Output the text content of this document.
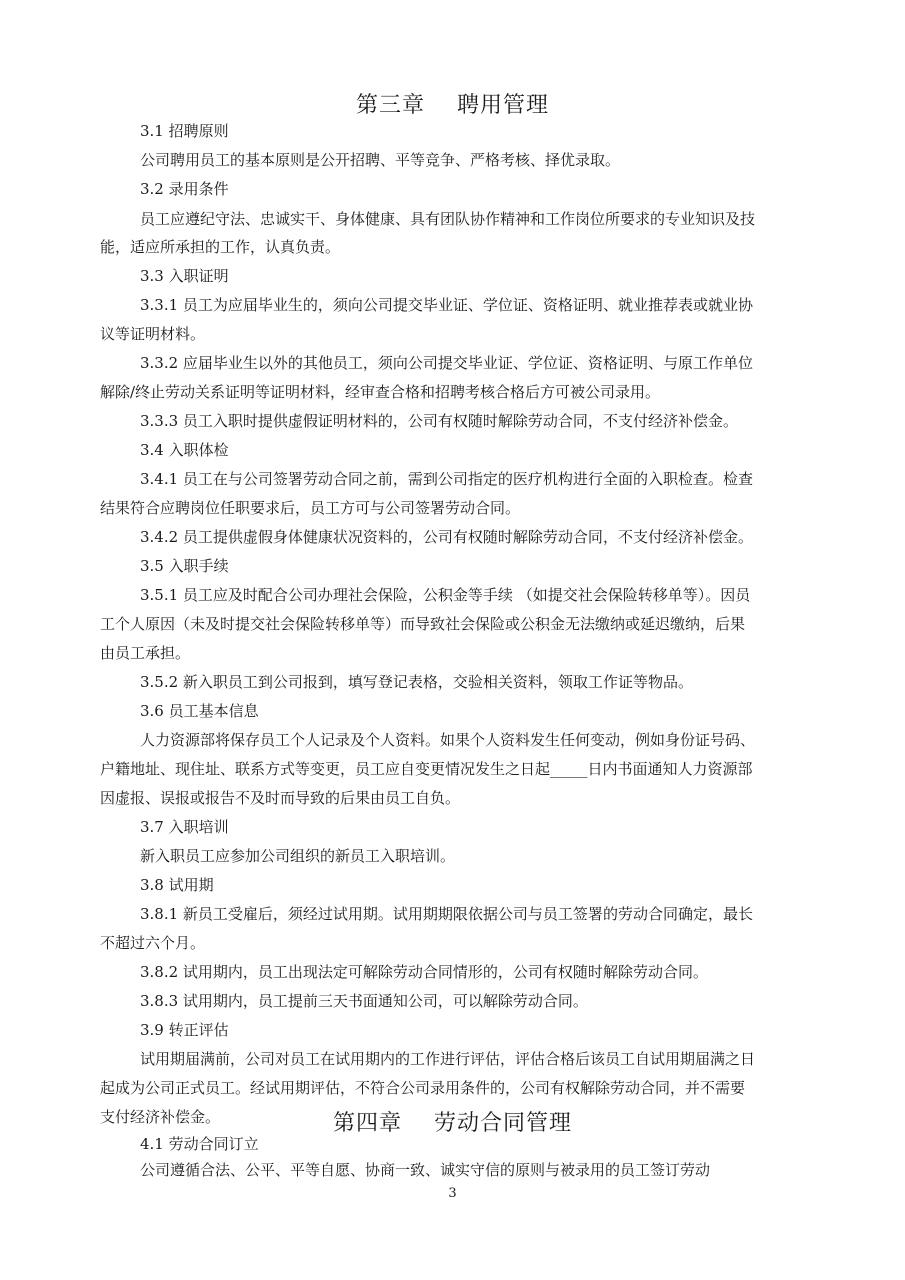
第三章    聘用管理
3.1 招聘原则
公司聘用员工的基本原则是公开招聘、平等竞争、严格考核、择优录取。
3.2 录用条件
员工应遵纪守法、忠诚实干、身体健康、具有团队协作精神和工作岗位所要求的专业知识及技
能，适应所承担的工作，认真负责。
3.3 入职证明
3.3.1 员工为应届毕业生的，须向公司提交毕业证、学位证、资格证明、就业推荐表或就业协
议等证明材料。
3.3.2 应届毕业生以外的其他员工，须向公司提交毕业证、学位证、资格证明、与原工作单位
解除/终止劳动关系证明等证明材料，经审查合格和招聘考核合格后方可被公司录用。
3.3.3 员工入职时提供虚假证明材料的，公司有权随时解除劳动合同，不支付经济补偿金。
3.4 入职体检
3.4.1 员工在与公司签署劳动合同之前，需到公司指定的医疗机构进行全面的入职检查。检查
结果符合应聘岗位任职要求后，员工方可与公司签署劳动合同。
3.4.2 员工提供虚假身体健康状况资料的，公司有权随时解除劳动合同，不支付经济补偿金。
3.5 入职手续
3.5.1 员工应及时配合公司办理社会保险，公积金等手续 （如提交社会保险转移单等）。因员
工个人原因（未及时提交社会保险转移单等）而导致社会保险或公积金无法缴纳或延迟缴纳，后果
由员工承担。
3.5.2 新入职员工到公司报到，填写登记表格，交验相关资料，领取工作证等物品。
3.6 员工基本信息
人力资源部将保存员工个人记录及个人资料。如果个人资料发生任何变动，例如身份证号码、
户籍地址、现住址、联系方式等变更，员工应自变更情况发生之日起_____日内书面通知人力资源部
因虚报、误报或报告不及时而导致的后果由员工自负。
3.7 入职培训
新入职员工应参加公司组织的新员工入职培训。
3.8 试用期
3.8.1 新员工受雇后，须经过试用期。试用期期限依据公司与员工签署的劳动合同确定，最长
不超过六个月。
3.8.2 试用期内，员工出现法定可解除劳动合同情形的，公司有权随时解除劳动合同。
3.8.3 试用期内，员工提前三天书面通知公司，可以解除劳动合同。
3.9 转正评估
试用期届满前，公司对员工在试用期内的工作进行评估，评估合格后该员工自试用期届满之日
起成为公司正式员工。经试用期评估，不符合公司录用条件的，公司有权解除劳动合同，并不需要
支付经济补偿金。	第四章    劳动合同管理
4.1 劳动合同订立
3
公司遵循合法、公平、平等自愿、协商一致、诚实守信的原则与被录用的员工签订劳动
